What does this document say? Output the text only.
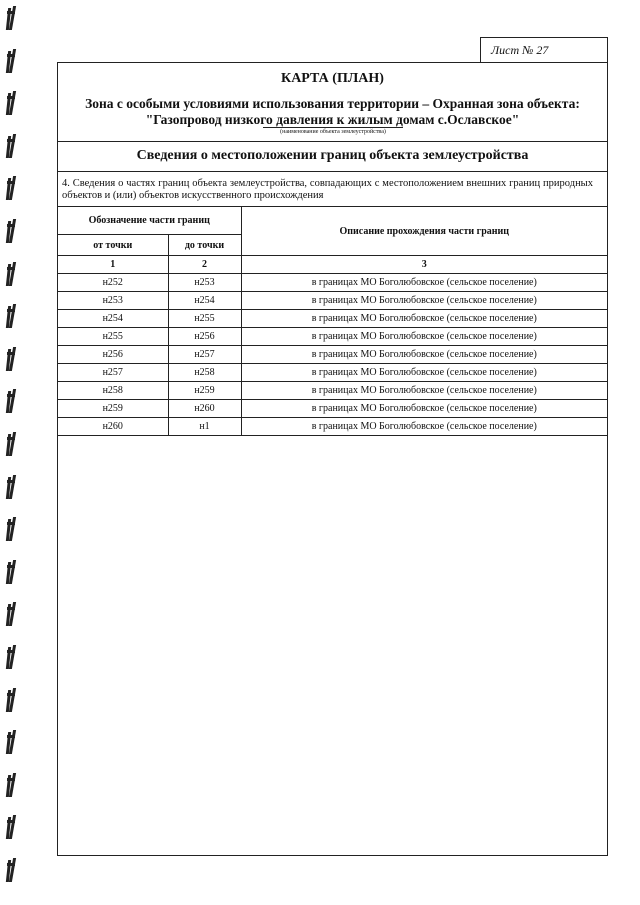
Лист № 27
КАРТА (ПЛАН)
Зона с особыми условиями использования территории – Охранная зона объекта:
"Газопровод низкого давления к жилым домам с.Ославское"
(наименование объекта землеустройства)
Сведения о местоположении границ объекта землеустройства
4. Сведения о частях границ объекта землеустройства, совпадающих с местоположением внешних границ природных объектов и (или) объектов искусственного происхождения
Обозначение части границ		Описание прохождения части границ
от точки	до точки	
1	2	3
н252	н253	в границах МО Боголюбовское (сельское поселение)
н253	н254	в границах МО Боголюбовское (сельское поселение)
н254	н255	в границах МО Боголюбовское (сельское поселение)
н255	н256	в границах МО Боголюбовское (сельское поселение)
н256	н257	в границах МО Боголюбовское (сельское поселение)
н257	н258	в границах МО Боголюбовское (сельское поселение)
н258	н259	в границах МО Боголюбовское (сельское поселение)
н259	н260	в границах МО Боголюбовское (сельское поселение)
н260	н1	в границах МО Боголюбовское (сельское поселение)
